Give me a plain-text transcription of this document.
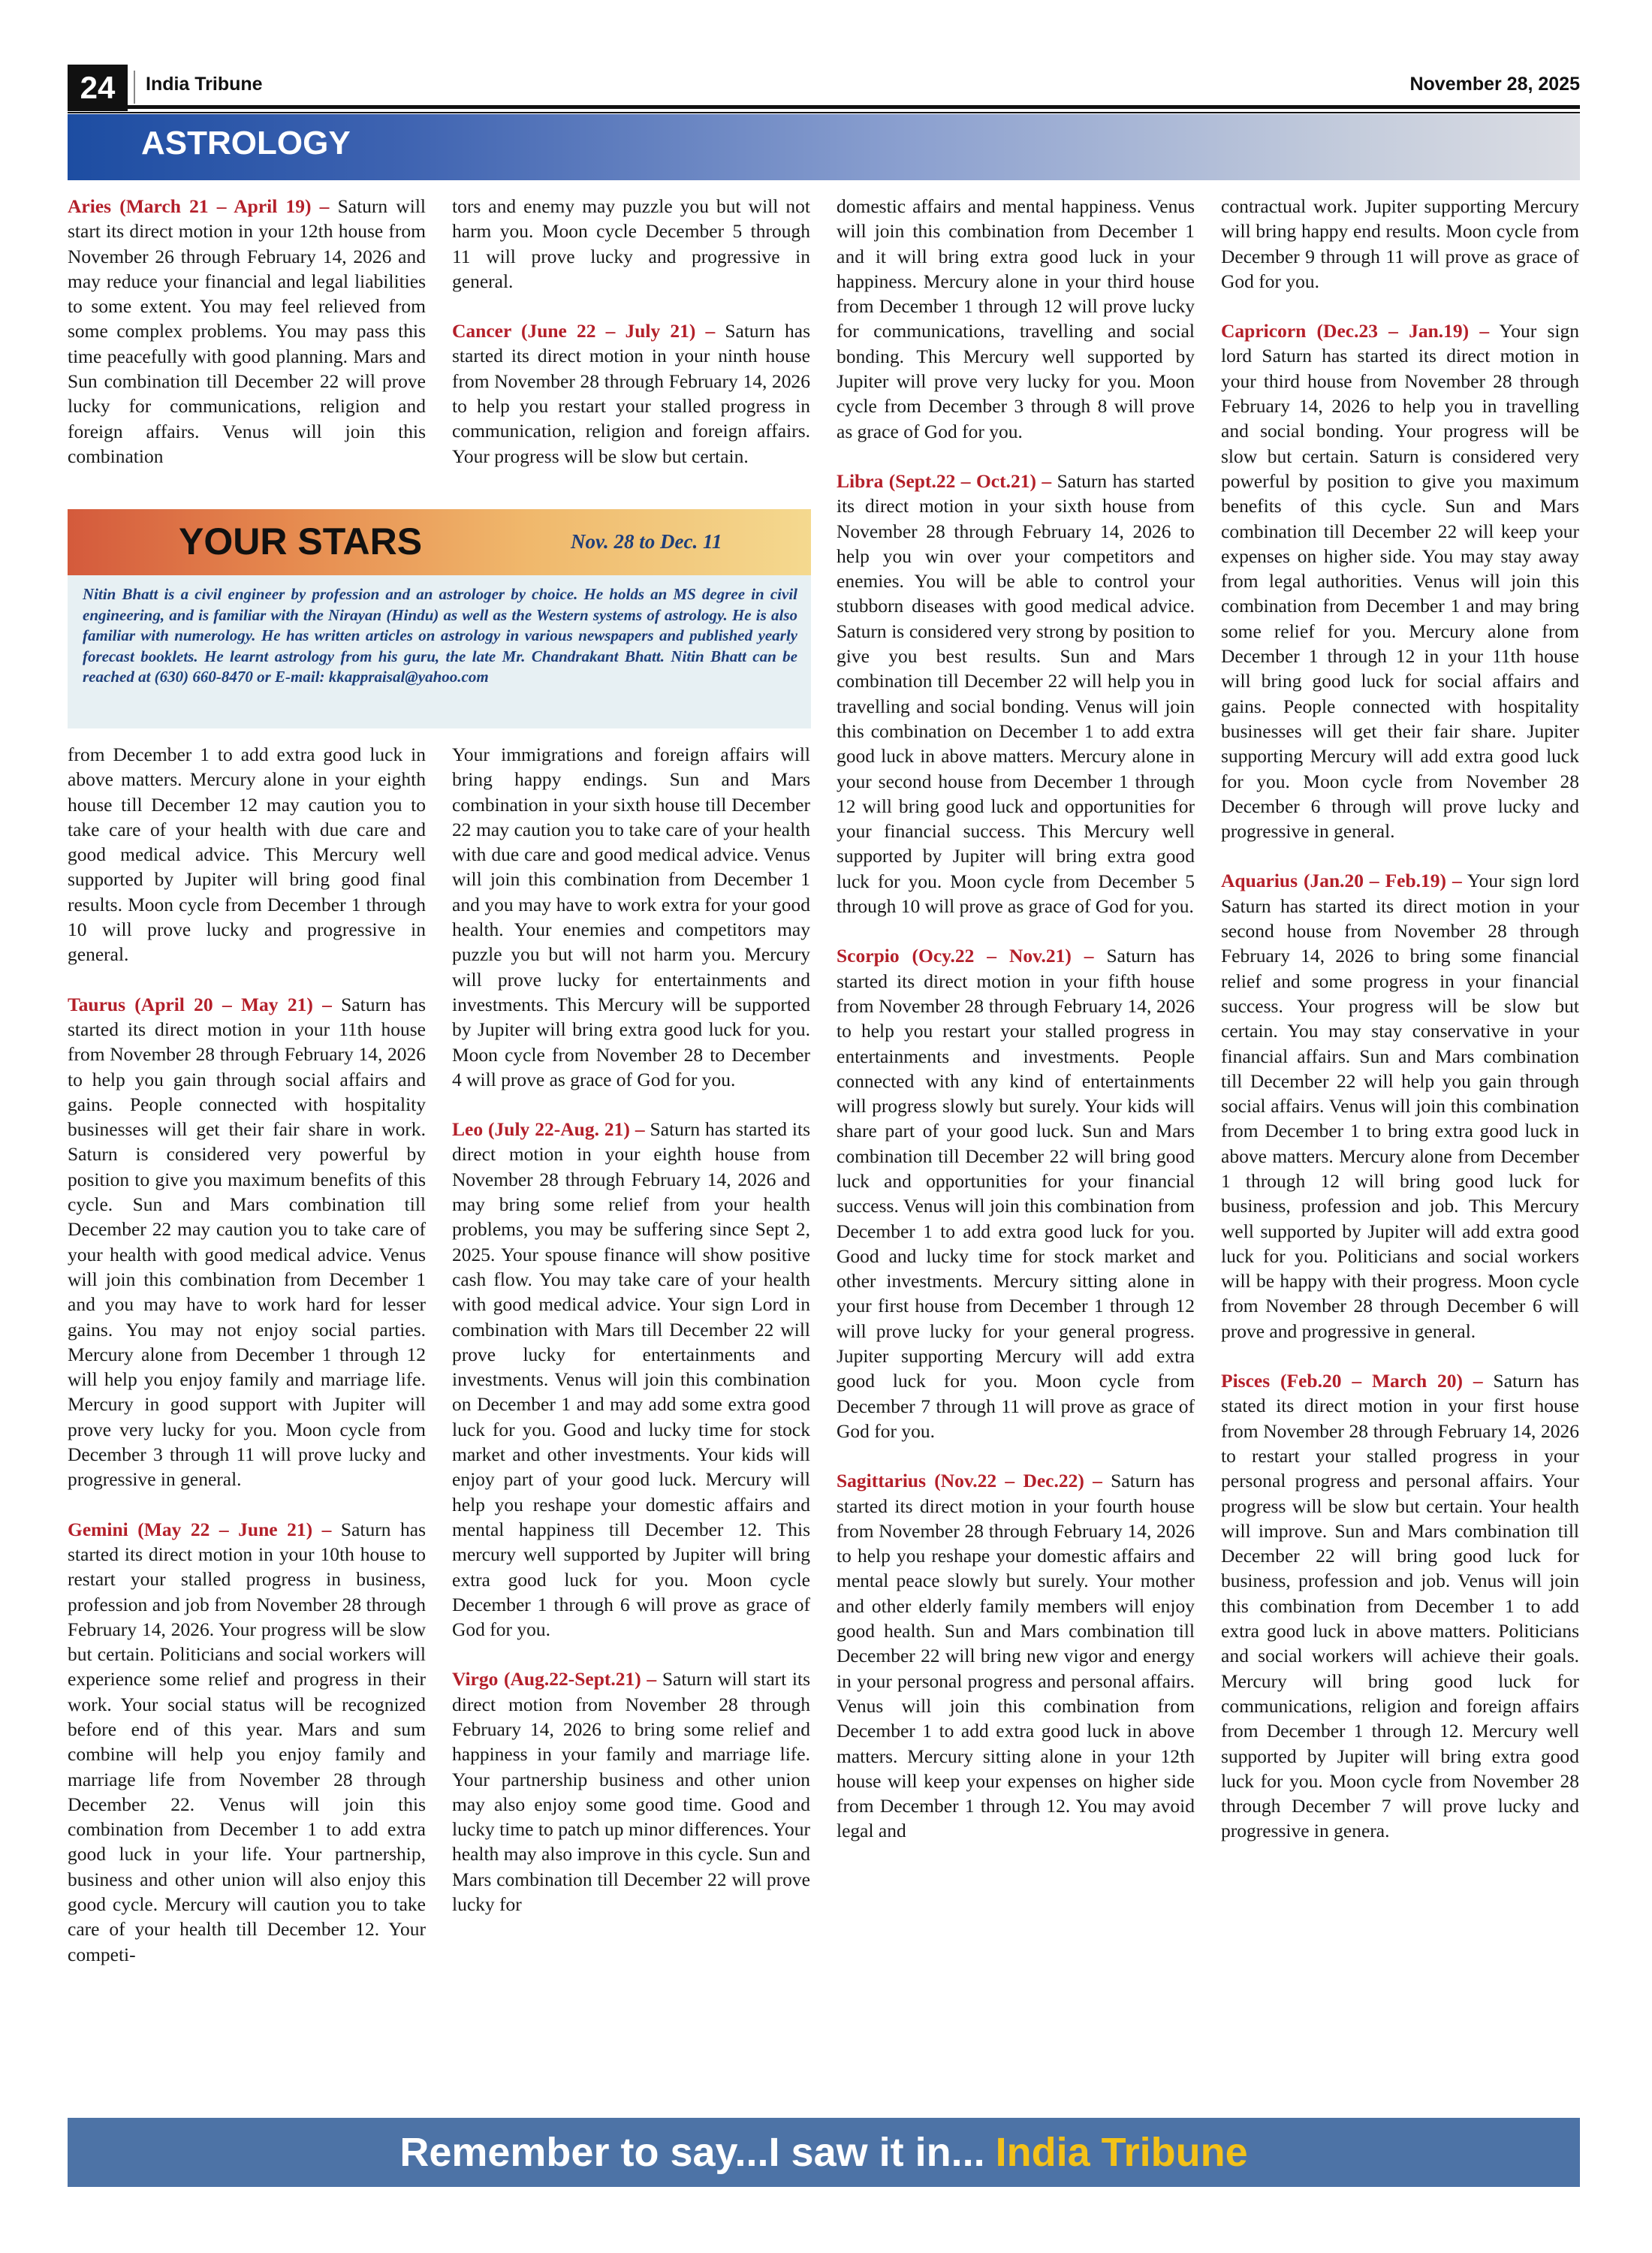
24	India Tribune	November 28, 2025
ASTROLOGY

Aries (March 21 – April 19) – Saturn will start its direct motion in your 12th house from November 26 through February 14, 2026 and may reduce your financial and legal liabilities to some extent. You may feel relieved from some complex problems. You may pass this time peacefully with good planning. Mars and Sun combination till December 22 will prove lucky for communications, religion and foreign affairs. Venus will join this combination

tors and enemy may puzzle you but will not harm you. Moon cycle December 5 through 11 will prove lucky and progressive in general.

Cancer (June 22 – July 21) – Saturn has started its direct motion in your ninth house from November 28 through February 14, 2026 to help you restart your stalled progress in communication, religion and foreign affairs. Your progress will be slow but certain.

YOUR STARS	Nov. 28 to Dec. 11
Nitin Bhatt is a civil engineer by profession and an astrologer by choice. He holds an MS degree in civil engineering, and is familiar with the Nirayan (Hindu) as well as the Western systems of astrology. He is also familiar with numerology. He has written articles on astrology in various newspapers and published yearly forecast booklets. He learnt astrology from his guru, the late Mr. Chandrakant Bhatt. Nitin Bhatt can be reached at (630) 660-8470 or E-mail: kkappraisal@yahoo.com

from December 1 to add extra good luck in above matters. Mercury alone in your eighth house till December 12 may caution you to take care of your health with due care and good medical advice. This Mercury well supported by Jupiter will bring good final results. Moon cycle from December 1 through 10 will prove lucky and progressive in general.

Taurus (April 20 – May 21) – Saturn has started its direct motion in your 11th house from November 28 through February 14, 2026 to help you gain through social affairs and gains. People connected with hospitality businesses will get their fair share in work. Saturn is considered very powerful by position to give you maximum benefits of this cycle. Sun and Mars combination till December 22 may caution you to take care of your health with good medical advice. Venus will join this combination from December 1 and you may have to work hard for lesser gains. You may not enjoy social parties. Mercury alone from December 1 through 12 will help you enjoy family and marriage life. Mercury in good support with Jupiter will prove very lucky for you. Moon cycle from December 3 through 11 will prove lucky and progressive in general.

Gemini (May 22 – June 21) – Saturn has started its direct motion in your 10th house to restart your stalled progress in business, profession and job from November 28 through February 14, 2026. Your progress will be slow but certain. Politicians and social workers will experience some relief and progress in their work. Your social status will be recognized before end of this year. Mars and sum combine will help you enjoy family and marriage life from November 28 through December 22. Venus will join this combination from December 1 to add extra good luck in your life. Your partnership, business and other union will also enjoy this good cycle. Mercury will caution you to take care of your health till December 12. Your competi-

Your immigrations and foreign affairs will bring happy endings. Sun and Mars combination in your sixth house till December 22 may caution you to take care of your health with due care and good medical advice. Venus will join this combination from December 1 and you may have to work extra for your good health. Your enemies and competitors may puzzle you but will not harm you. Mercury will prove lucky for entertainments and investments. This Mercury will be supported by Jupiter will bring extra good luck for you. Moon cycle from November 28 to December 4 will prove as grace of God for you.

Leo (July 22-Aug. 21) – Saturn has started its direct motion in your eighth house from November 28 through February 14, 2026 and may bring some relief from your health problems, you may be suffering since Sept 2, 2025. Your spouse finance will show positive cash flow. You may take care of your health with good medical advice. Your sign Lord in combination with Mars till December 22 will prove lucky for entertainments and investments. Venus will join this combination on December 1 and may add some extra good luck for you. Good and lucky time for stock market and other investments. Your kids will enjoy part of your good luck. Mercury will help you reshape your domestic affairs and mental happiness till December 12. This mercury well supported by Jupiter will bring extra good luck for you. Moon cycle December 1 through 6 will prove as grace of God for you.

Virgo (Aug.22-Sept.21) – Saturn will start its direct motion from November 28 through February 14, 2026 to bring some relief and happiness in your family and marriage life. Your partnership business and other union may also enjoy some good time. Good and lucky time to patch up minor differences. Your health may also improve in this cycle. Sun and Mars combination till December 22 will prove lucky for

domestic affairs and mental happiness. Venus will join this combination from December 1 and it will bring extra good luck in your happiness. Mercury alone in your third house from December 1 through 12 will prove lucky for communications, travelling and social bonding. This Mercury well supported by Jupiter will prove very lucky for you. Moon cycle from December 3 through 8 will prove as grace of God for you.

Libra (Sept.22 – Oct.21) – Saturn has started its direct motion in your sixth house from November 28 through February 14, 2026 to help you win over your competitors and enemies. You will be able to control your stubborn diseases with good medical advice. Saturn is considered very strong by position to give you best results. Sun and Mars combination till December 22 will help you in travelling and social bonding. Venus will join this combination on December 1 to add extra good luck in above matters. Mercury alone in your second house from December 1 through 12 will bring good luck and opportunities for your financial success. This Mercury well supported by Jupiter will bring extra good luck for you. Moon cycle from December 5 through 10 will prove as grace of God for you.

Scorpio (Ocy.22 – Nov.21) – Saturn has started its direct motion in your fifth house from November 28 through February 14, 2026 to help you restart your stalled progress in entertainments and investments. People connected with any kind of entertainments will progress slowly but surely. Your kids will share part of your good luck. Sun and Mars combination till December 22 will bring good luck and opportunities for your financial success. Venus will join this combination from December 1 to add extra good luck for you. Good and lucky time for stock market and other investments. Mercury sitting alone in your first house from December 1 through 12 will prove lucky for your general progress. Jupiter supporting Mercury will add extra good luck for you. Moon cycle from December 7 through 11 will prove as grace of God for you.

Sagittarius (Nov.22 – Dec.22) – Saturn has started its direct motion in your fourth house from November 28 through February 14, 2026 to help you reshape your domestic affairs and mental peace slowly but surely. Your mother and other elderly family members will enjoy good health. Sun and Mars combination till December 22 will bring new vigor and energy in your personal progress and personal affairs. Venus will join this combination from December 1 to add extra good luck in above matters. Mercury sitting alone in your 12th house will keep your expenses on higher side from December 1 through 12. You may avoid legal and

contractual work. Jupiter supporting Mercury will bring happy end results. Moon cycle from December 9 through 11 will prove as grace of God for you.

Capricorn (Dec.23 – Jan.19) – Your sign lord Saturn has started its direct motion in your third house from November 28 through February 14, 2026 to help you in travelling and social bonding. Your progress will be slow but certain. Saturn is considered very powerful by position to give you maximum benefits of this cycle. Sun and Mars combination till December 22 will keep your expenses on higher side. You may stay away from legal authorities. Venus will join this combination from December 1 and may bring some relief for you. Mercury alone from December 1 through 12 in your 11th house will bring good luck for social affairs and gains. People connected with hospitality businesses will get their fair share. Jupiter supporting Mercury will add extra good luck for you. Moon cycle from November 28 December 6 through will prove lucky and progressive in general.

Aquarius (Jan.20 – Feb.19) – Your sign lord Saturn has started its direct motion in your second house from November 28 through February 14, 2026 to bring some financial relief and some progress in your financial success. Your progress will be slow but certain. You may stay conservative in your financial affairs. Sun and Mars combination till December 22 will help you gain through social affairs. Venus will join this combination from December 1 to bring extra good luck in above matters. Mercury alone from December 1 through 12 will bring good luck for business, profession and job. This Mercury well supported by Jupiter will add extra good luck for you. Politicians and social workers will be happy with their progress. Moon cycle from November 28 through December 6 will prove and progressive in general.

Pisces (Feb.20 – March 20) – Saturn has stated its direct motion in your first house from November 28 through February 14, 2026 to restart your stalled progress in your personal progress and personal affairs. Your progress will be slow but certain. Your health will improve. Sun and Mars combination till December 22 will bring good luck for business, profession and job. Venus will join this combination from December 1 to add extra good luck in above matters. Politicians and social workers will achieve their goals. Mercury will bring good luck for communications, religion and foreign affairs from December 1 through 12. Mercury well supported by Jupiter will bring extra good luck for you. Moon cycle from November 28 through December 7 will prove lucky and progressive in genera.

Remember to say...I saw it in... India Tribune
